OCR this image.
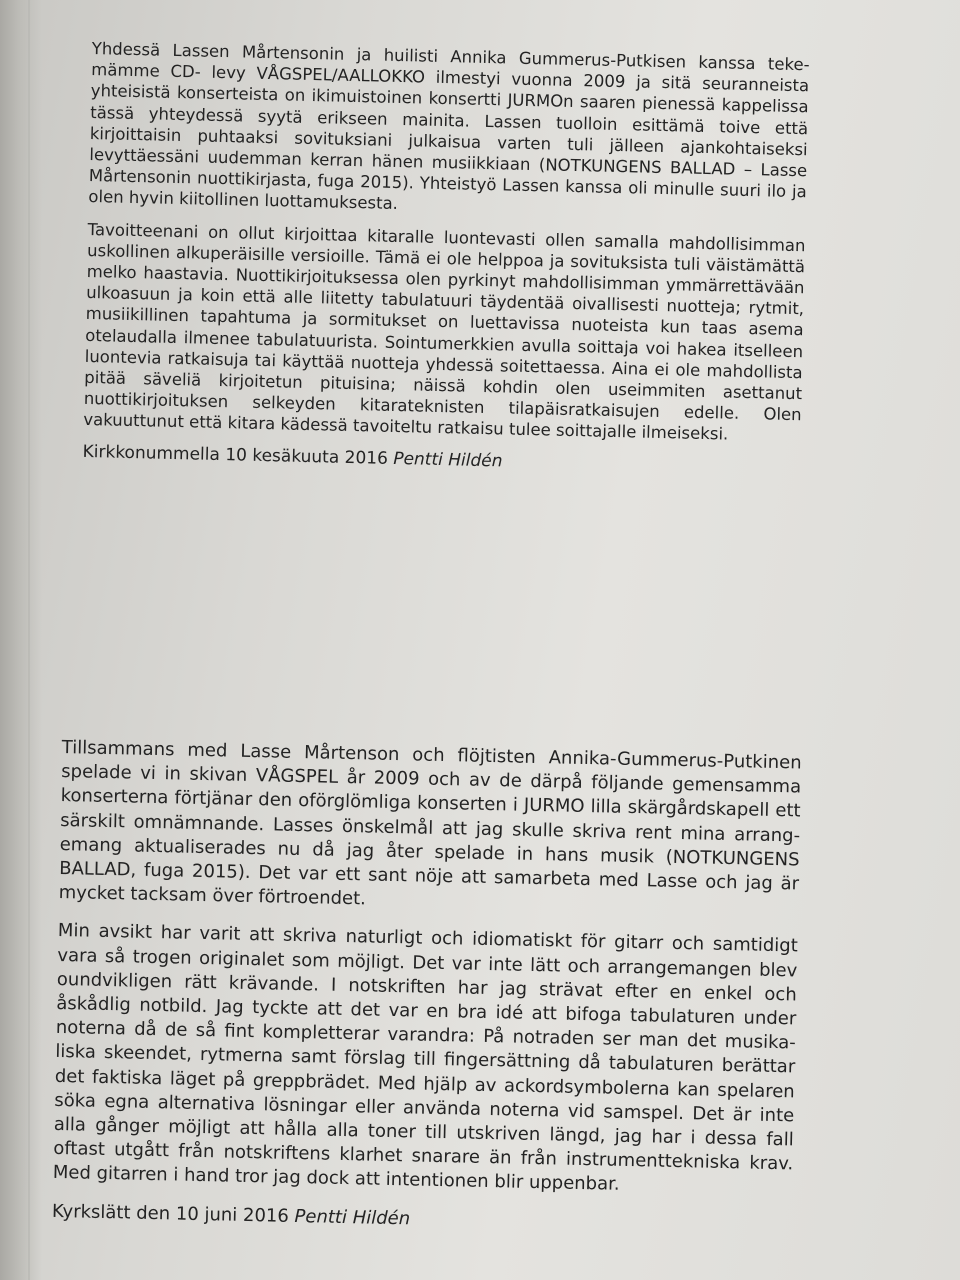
Yhdessä Lassen Mårtensonin ja huilisti Annika Gummerus-Putkisen kanssa tekemämme CD- levy VÅGSPEL/AALLOKKO ilmestyi vuonna 2009 ja sitä seuranneista yhteisistä konserteista on ikimuistoinen konsertti JURMOn saaren pienessä kappelissa tässä yhteydessä syytä erikseen mainita. Lassen tuolloin esittämä toive että kirjoittaisin puhtaaksi sovituksiani julkaisua varten tuli jälleen ajankohtaiseksi levyttäessäni uudemman kerran hänen musiikkiaan (NOTKUNGENS BALLAD – Lasse Mårtensonin nuottikirjasta, fuga 2015). Yhteistyö Lassen kanssa oli minulle suuri ilo ja olen hyvin kiitollinen luottamuksesta.

Tavoitteenani on ollut kirjoittaa kitaralle luontevasti ollen samalla mahdollisimman uskollinen alkuperäisille versioille. Tämä ei ole helppoa ja sovituksista tuli väistämättä melko haastavia. Nuottikirjoituksessa olen pyrkinyt mahdollisimman ymmärrettävään ulkoasuun ja koin että alle liitetty tabulatuuri täydentää oivallisesti nuotteja; rytmit, musiikillinen tapahtuma ja sormitukset on luettavissa nuoteista kun taas asema otelaudalla ilmenee tabulatuurista. Sointumerkkien avulla soittaja voi hakea itselleen luontevia ratkaisuja tai käyttää nuotteja yhdessä soitettaessa. Aina ei ole mahdollista pitää säveliä kirjoitetun pituisina; näissä kohdin olen useimmiten asettanut nuottikirjoituksen selkeyden kitarateknisten tilapäisratkaisujen edelle. Olen vakuuttunut että kitara kädessä tavoiteltu ratkaisu tulee soittajalle ilmeiseksi.

Kirkkonummella 10 kesäkuuta 2016 Pentti Hildén

Tillsammans med Lasse Mårtenson och flöjtisten Annika-Gummerus-Putkinen spelade vi in skivan VÅGSPEL år 2009 och av de därpå följande gemensamma konserterna förtjänar den oförglömliga konserten i JURMO lilla skärgårdskapell ett särskilt omnämnande. Lasses önskelmål att jag skulle skriva rent mina arrangemang aktualiserades nu då jag åter spelade in hans musik (NOTKUNGENS BALLAD, fuga 2015). Det var ett sant nöje att samarbeta med Lasse och jag är mycket tacksam över förtroendet.

Min avsikt har varit att skriva naturligt och idiomatiskt för gitarr och samtidigt vara så trogen originalet som möjligt. Det var inte lätt och arrangemangen blev oundvikligen rätt krävande. I notskriften har jag strävat efter en enkel och åskådlig notbild. Jag tyckte att det var en bra idé att bifoga tabulaturen under noterna då de så fint kompletterar varandra: På notraden ser man det musikaliska skeendet, rytmerna samt förslag till fingersättning då tabulaturen berättar det faktiska läget på greppbrädet. Med hjälp av ackordsymbolerna kan spelaren söka egna alternativa lösningar eller använda noterna vid samspel. Det är inte alla gånger möjligt att hålla alla toner till utskriven längd, jag har i dessa fall oftast utgått från notskriftens klarhet snarare än från instrumenttekniska krav. Med gitarren i hand tror jag dock att intentionen blir uppenbar.

Kyrkslätt den 10 juni 2016 Pentti Hildén
